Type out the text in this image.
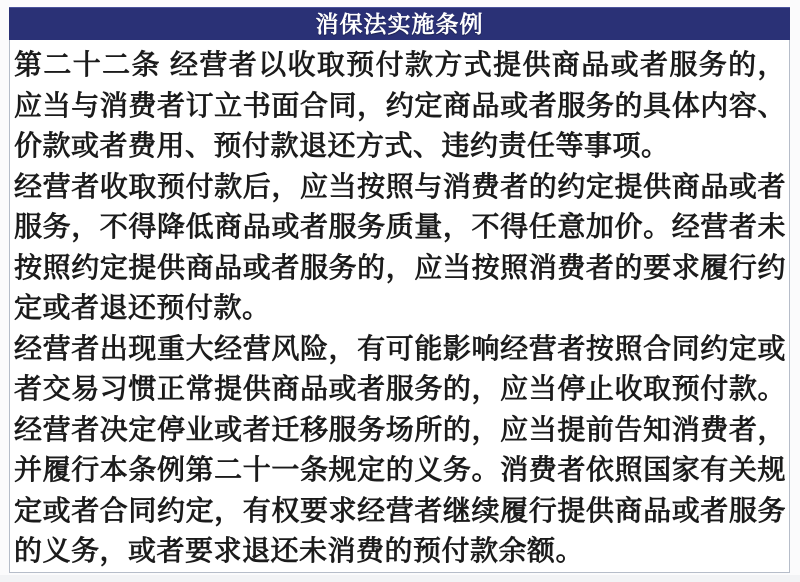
消保法实施条例

第二十二条 经营者以收取预付款方式提供商品或者服务的，应当与消费者订立书面合同，约定商品或者服务的具体内容、价款或者费用、预付款退还方式、违约责任等事项。

经营者收取预付款后，应当按照与消费者的约定提供商品或者服务，不得降低商品或者服务质量，不得任意加价。经营者未按照约定提供商品或者服务的，应当按照消费者的要求履行约定或者退还预付款。

经营者出现重大经营风险，有可能影响经营者按照合同约定或者交易习惯正常提供商品或者服务的，应当停止收取预付款。经营者决定停业或者迁移服务场所的，应当提前告知消费者，并履行本条例第二十一条规定的义务。消费者依照国家有关规定或者合同约定，有权要求经营者继续履行提供商品或者服务的义务，或者要求退还未消费的预付款余额。
